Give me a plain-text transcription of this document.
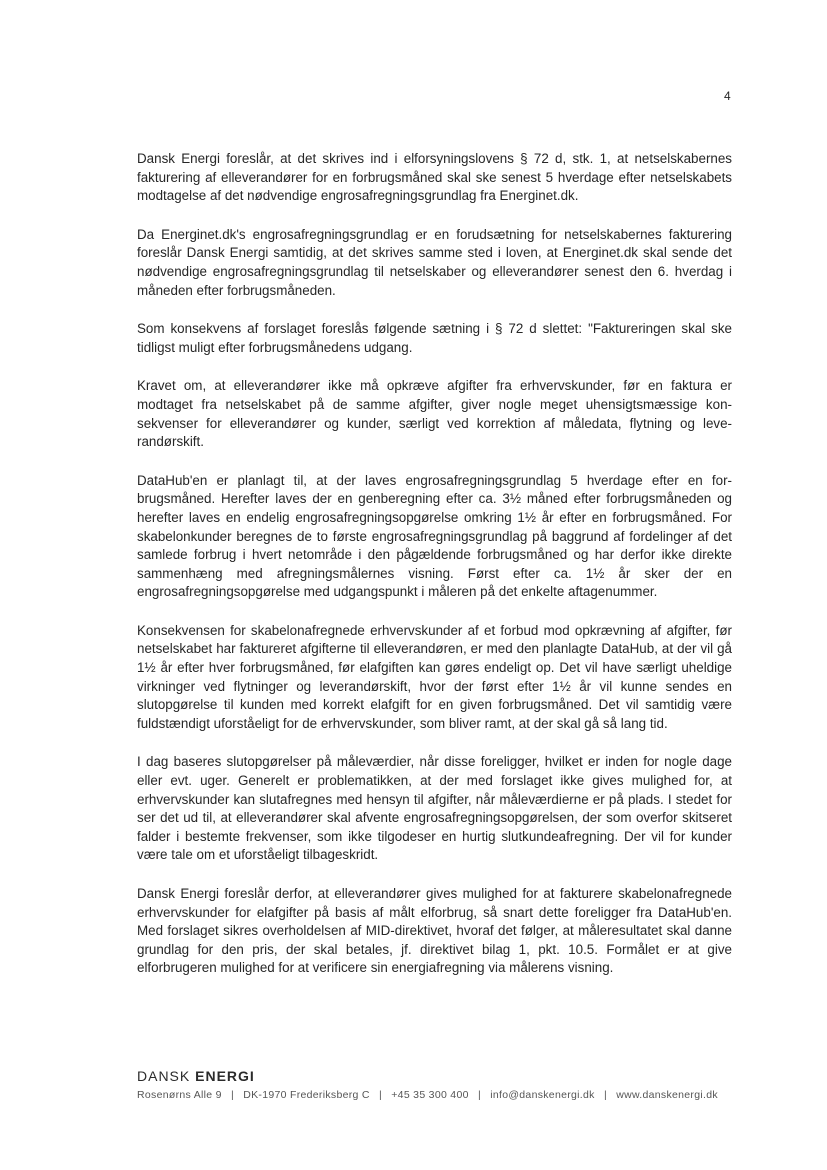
4

Dansk Energi foreslår, at det skrives ind i elforsyningslovens § 72 d, stk. 1, at netselskabernes fakturering af elleverandører for en forbrugsmåned skal ske senest 5 hverdage efter netselskabets modtagelse af det nødvendige engrosafregningsgrundlag fra Energinet.dk.

Da Energinet.dk's engrosafregningsgrundlag er en forudsætning for netselskabernes fakturering foreslår Dansk Energi samtidig, at det skrives samme sted i loven, at Energinet.dk skal sende det nødvendige engrosafregningsgrundlag til netselskaber og elleverandører senest den 6. hverdag i måneden efter forbrugsmåneden.

Som konsekvens af forslaget foreslås følgende sætning i § 72 d slettet: "Faktureringen skal ske tidligst muligt efter forbrugsmånedens udgang.

Kravet om, at elleverandører ikke må opkræve afgifter fra erhvervskunder, før en faktura er modtaget fra netselskabet på de samme afgifter, giver nogle meget uhensigtsmæssige konsekvenser for elleverandører og kunder, særligt ved korrektion af måledata, flytning og leverandørskift.

DataHub'en er planlagt til, at der laves engrosafregningsgrundlag 5 hverdage efter en forbrugsmåned. Herefter laves der en genberegning efter ca. 3½ måned efter forbrugsmåneden og herefter laves en endelig engrosafregningsopgørelse omkring 1½ år efter en forbrugsmåned. For skabelonkunder beregnes de to første engrosafregningsgrundlag på baggrund af fordelinger af det samlede forbrug i hvert netområde i den pågældende forbrugsmåned og har derfor ikke direkte sammenhæng med afregningsmålernes visning. Først efter ca. 1½ år sker der en engrosafregningsopgørelse med udgangspunkt i måleren på det enkelte aftagenummer.

Konsekvensen for skabelonafregnede erhvervskunder af et forbud mod opkrævning af afgifter, før netselskabet har faktureret afgifterne til elleverandøren, er med den planlagte DataHub, at der vil gå 1½ år efter hver forbrugsmåned, før elafgiften kan gøres endeligt op. Det vil have særligt uheldige virkninger ved flytninger og leverandørskift, hvor der først efter 1½ år vil kunne sendes en slutopgørelse til kunden med korrekt elafgift for en given forbrugsmåned. Det vil samtidig være fuldstændigt uforståeligt for de erhvervskunder, som bliver ramt, at der skal gå så lang tid.

I dag baseres slutopgørelser på måleværdier, når disse foreligger, hvilket er inden for nogle dage eller evt. uger. Generelt er problematikken, at der med forslaget ikke gives mulighed for, at erhvervskunder kan slutafregnes med hensyn til afgifter, når måleværdierne er på plads. I stedet for ser det ud til, at elleverandører skal afvente engrosafregningsopgørelsen, der som overfor skitseret falder i bestemte frekvenser, som ikke tilgodeser en hurtig slutkundeafregning. Der vil for kunder være tale om et uforståeligt tilbageskridt.

Dansk Energi foreslår derfor, at elleverandører gives mulighed for at fakturere skabelonafregnede erhvervskunder for elafgifter på basis af målt elforbrug, så snart dette foreligger fra DataHub'en. Med forslaget sikres overholdelsen af MID-direktivet, hvoraf det følger, at måleresultatet skal danne grundlag for den pris, der skal betales, jf. direktivet bilag 1, pkt. 10.5. Formålet er at give elforbrugeren mulighed for at verificere sin energiafregning via målerens visning.

DANSK ENERGI
Rosenørns Alle 9 | DK-1970 Frederiksberg C | +45 35 300 400 | info@danskenergi.dk | www.danskenergi.dk
